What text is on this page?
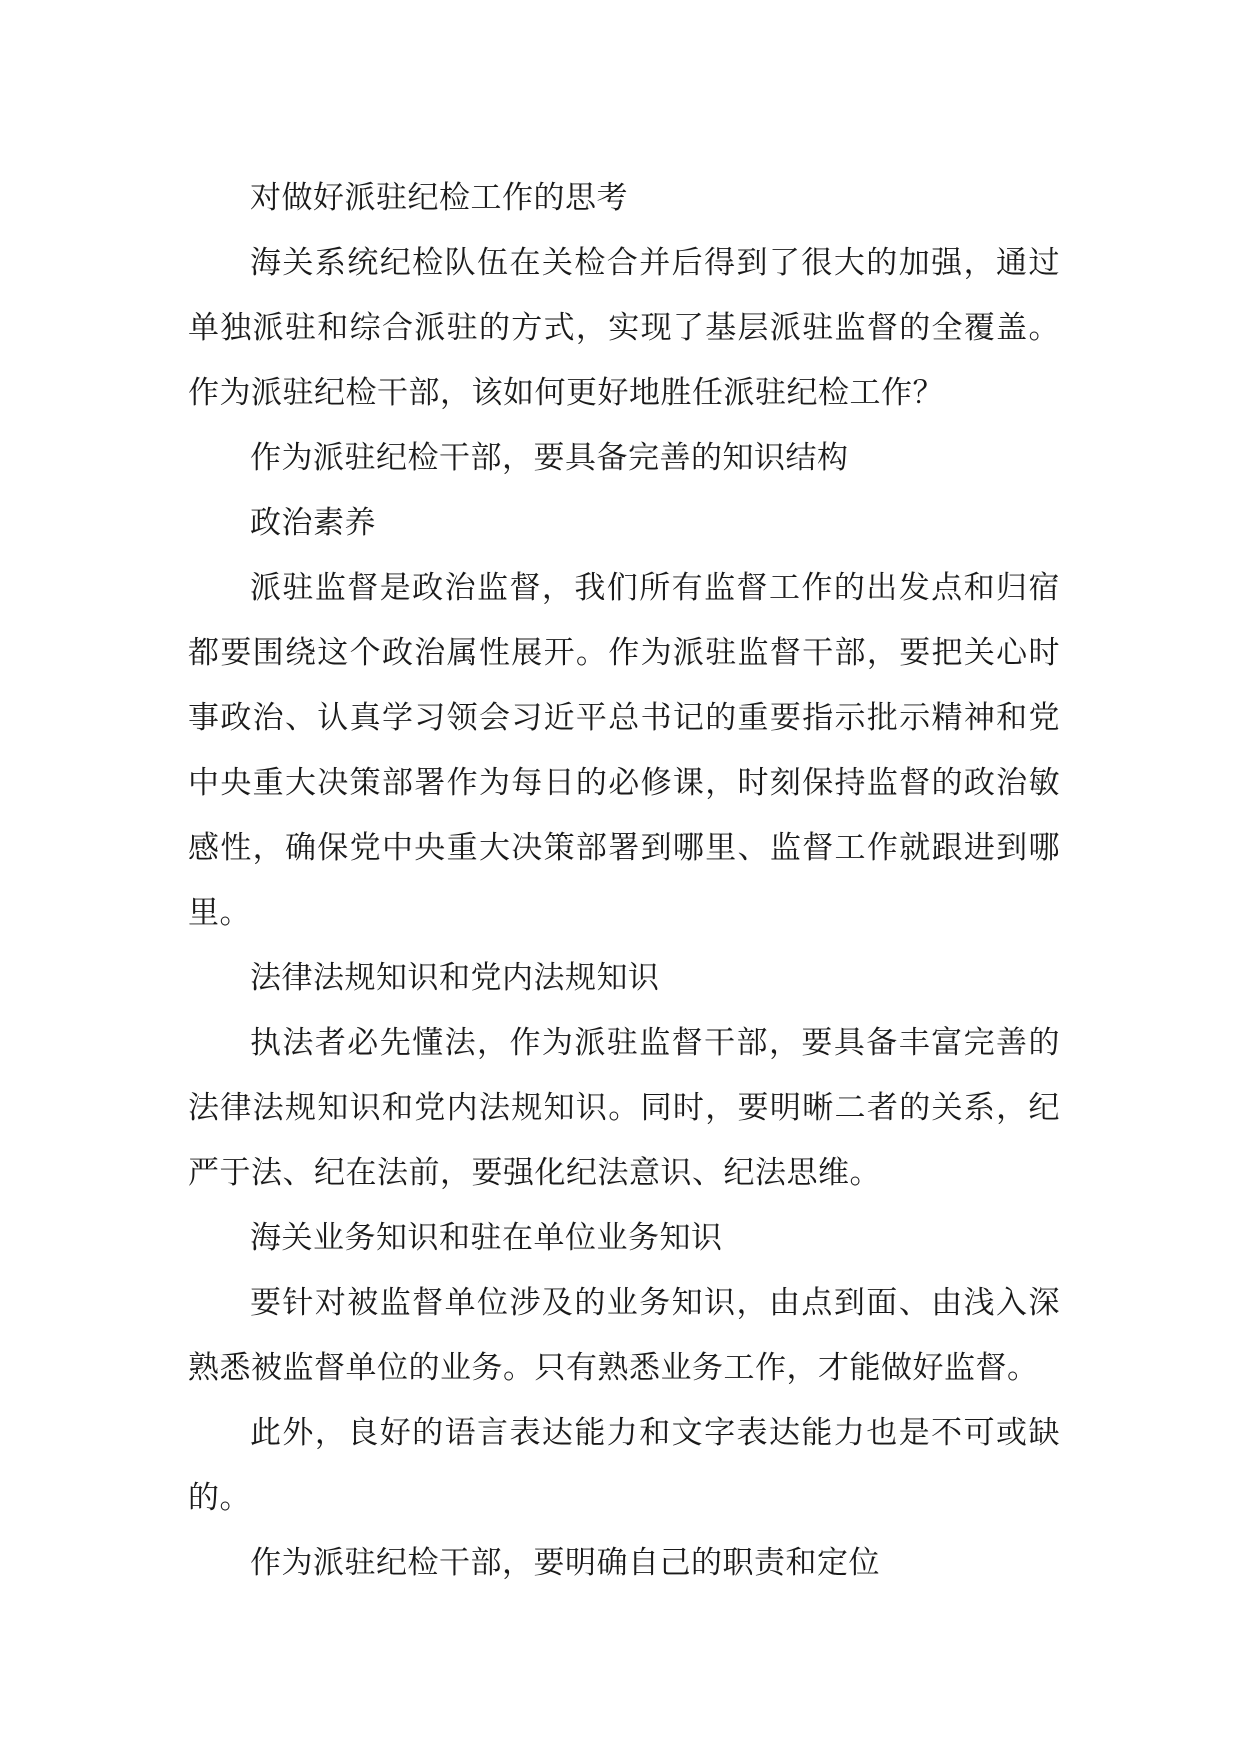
对做好派驻纪检工作的思考

海关系统纪检队伍在关检合并后得到了很大的加强，通过单独派驻和综合派驻的方式，实现了基层派驻监督的全覆盖。作为派驻纪检干部，该如何更好地胜任派驻纪检工作？

作为派驻纪检干部，要具备完善的知识结构

政治素养

派驻监督是政治监督，我们所有监督工作的出发点和归宿都要围绕这个政治属性展开。作为派驻监督干部，要把关心时事政治、认真学习领会习近平总书记的重要指示批示精神和党中央重大决策部署作为每日的必修课，时刻保持监督的政治敏感性，确保党中央重大决策部署到哪里、监督工作就跟进到哪里。

法律法规知识和党内法规知识

执法者必先懂法，作为派驻监督干部，要具备丰富完善的法律法规知识和党内法规知识。同时，要明晰二者的关系，纪严于法、纪在法前，要强化纪法意识、纪法思维。

海关业务知识和驻在单位业务知识

要针对被监督单位涉及的业务知识，由点到面、由浅入深熟悉被监督单位的业务。只有熟悉业务工作，才能做好监督。

此外，良好的语言表达能力和文字表达能力也是不可或缺的。

作为派驻纪检干部，要明确自己的职责和定位
